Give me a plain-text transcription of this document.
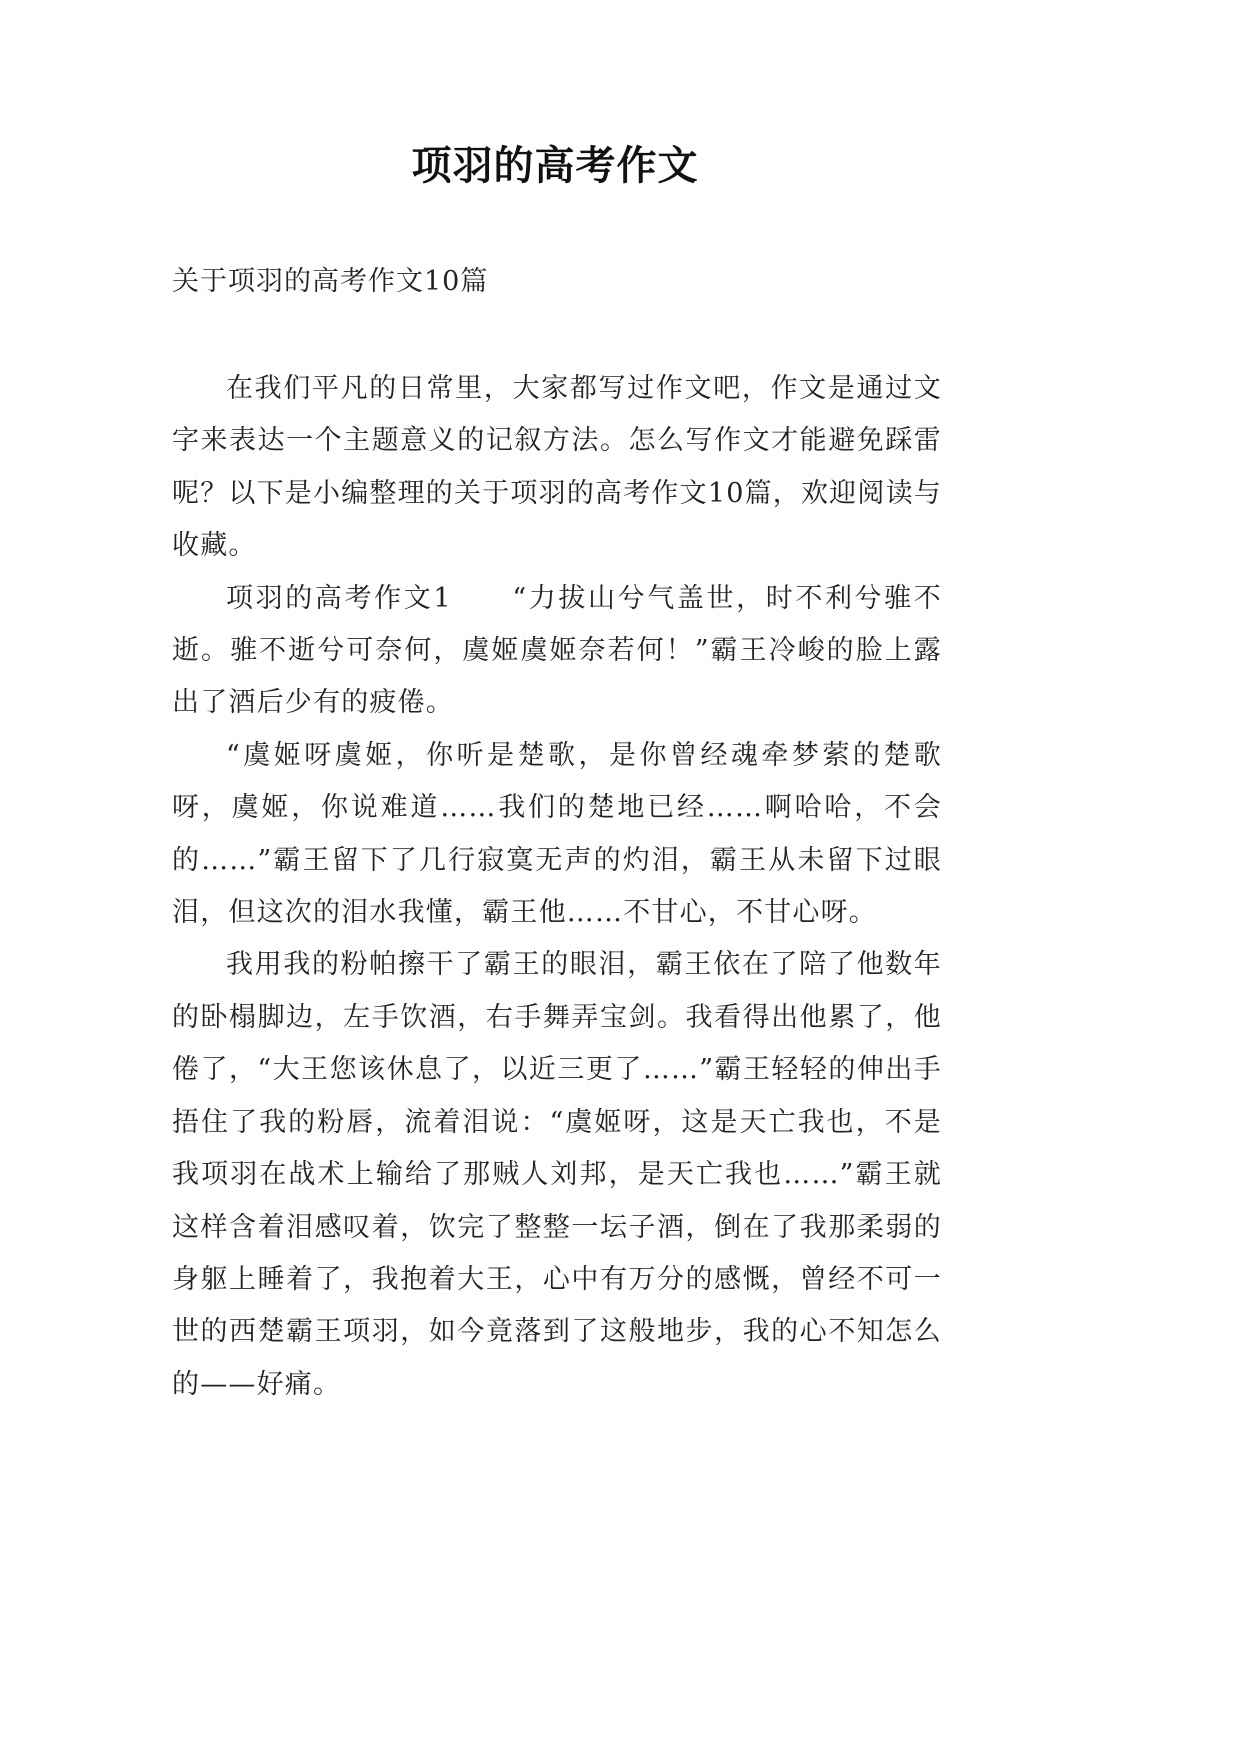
项羽的高考作文

关于项羽的高考作文10篇

在我们平凡的日常里，大家都写过作文吧，作文是通过文字来表达一个主题意义的记叙方法。怎么写作文才能避免踩雷呢？以下是小编整理的关于项羽的高考作文10篇，欢迎阅读与收藏。

项羽的高考作文1　　“力拔山兮气盖世，时不利兮骓不逝。骓不逝兮可奈何，虞姬虞姬奈若何！”霸王冷峻的脸上露出了酒后少有的疲倦。

“虞姬呀虞姬，你听是楚歌，是你曾经魂牵梦萦的楚歌呀，虞姬，你说难道……我们的楚地已经……啊哈哈，不会的……”霸王留下了几行寂寞无声的灼泪，霸王从未留下过眼泪，但这次的泪水我懂，霸王他……不甘心，不甘心呀。

我用我的粉帕擦干了霸王的眼泪，霸王依在了陪了他数年的卧榻脚边，左手饮酒，右手舞弄宝剑。我看得出他累了，他倦了，“大王您该休息了，以近三更了……”霸王轻轻的伸出手捂住了我的粉唇，流着泪说：“虞姬呀，这是天亡我也，不是我项羽在战术上输给了那贼人刘邦，是天亡我也……”霸王就这样含着泪感叹着，饮完了整整一坛子酒，倒在了我那柔弱的身躯上睡着了，我抱着大王，心中有万分的感慨，曾经不可一世的西楚霸王项羽，如今竟落到了这般地步，我的心不知怎么的——好痛。
